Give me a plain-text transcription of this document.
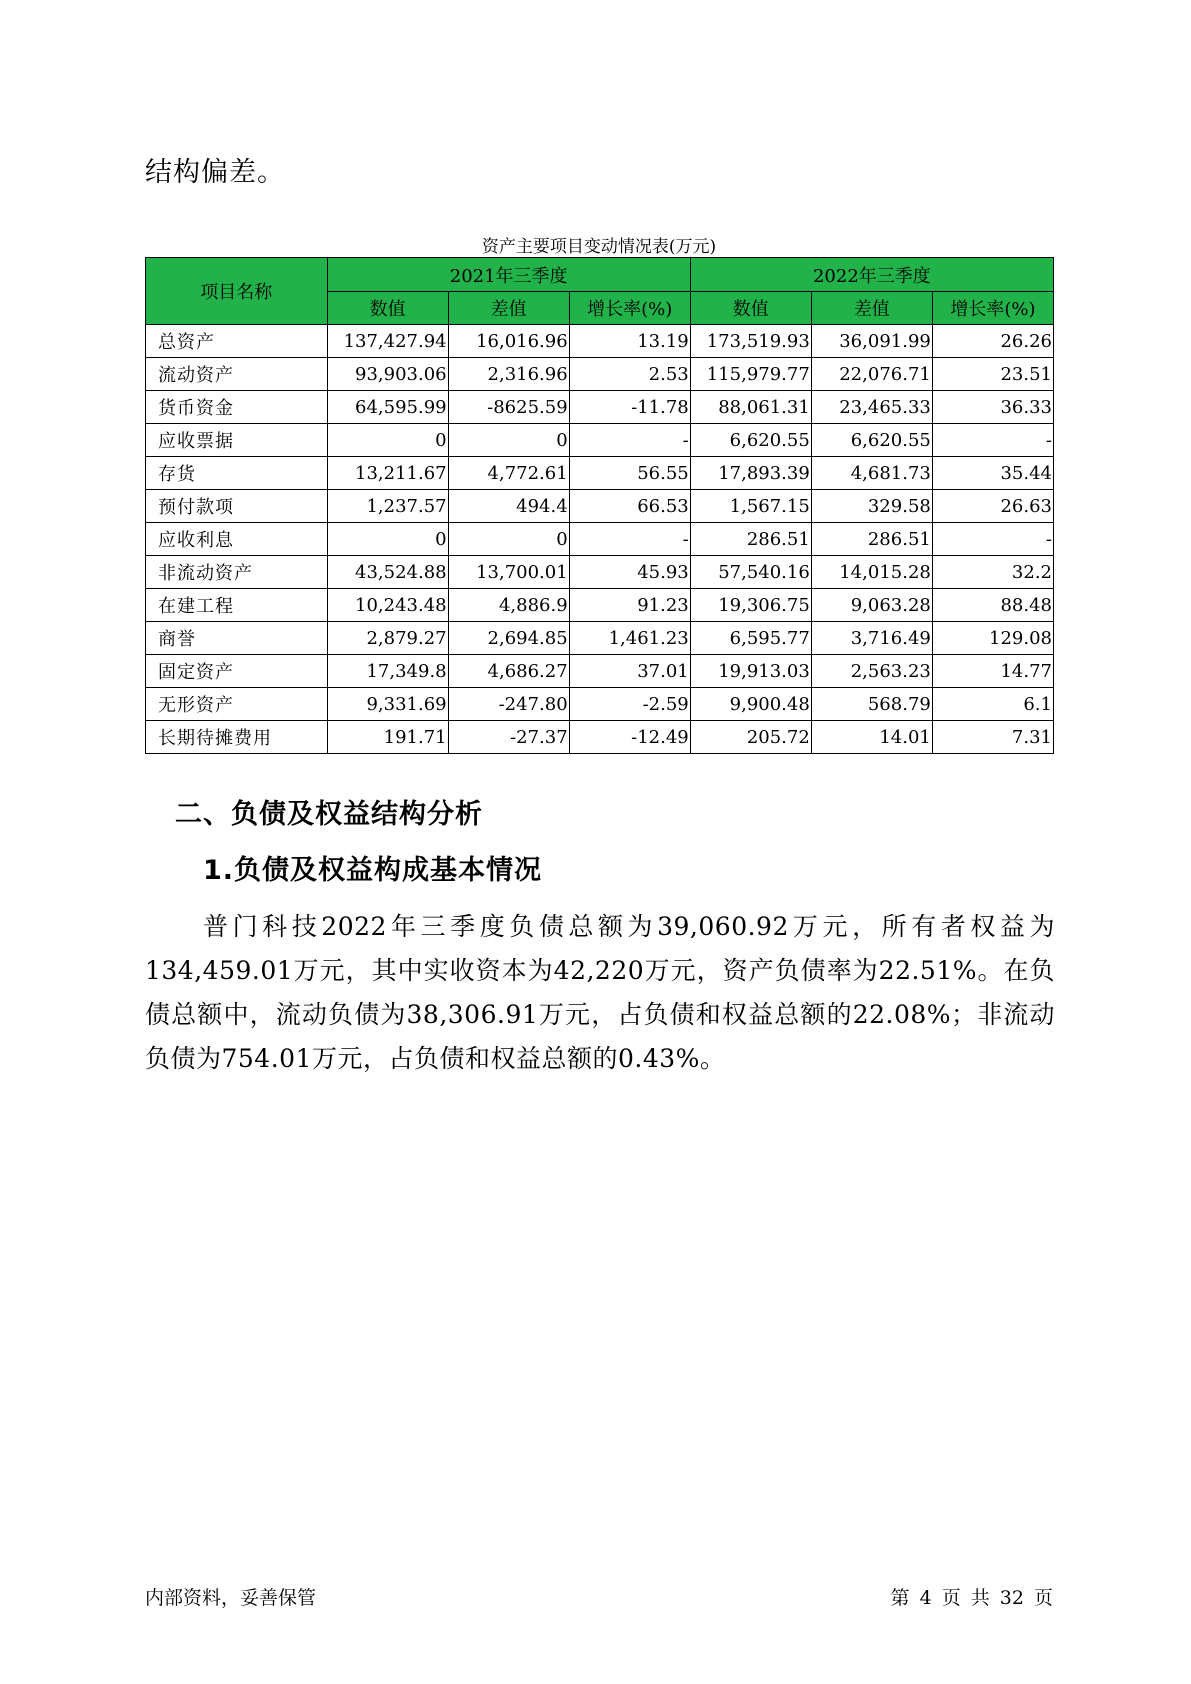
结构偏差。
资产主要项目变动情况表(万元)
项目名称	2021年三季度			2022年三季度		
	数值	差值	增长率(%)	数值	差值	增长率(%)
总资产	137,427.94	16,016.96	13.19	173,519.93	36,091.99	26.26
流动资产	93,903.06	2,316.96	2.53	115,979.77	22,076.71	23.51
货币资金	64,595.99	-8625.59	-11.78	88,061.31	23,465.33	36.33
应收票据	0	0	-	6,620.55	6,620.55	-
存货	13,211.67	4,772.61	56.55	17,893.39	4,681.73	35.44
预付款项	1,237.57	494.4	66.53	1,567.15	329.58	26.63
应收利息	0	0	-	286.51	286.51	-
非流动资产	43,524.88	13,700.01	45.93	57,540.16	14,015.28	32.2
在建工程	10,243.48	4,886.9	91.23	19,306.75	9,063.28	88.48
商誉	2,879.27	2,694.85	1,461.23	6,595.77	3,716.49	129.08
固定资产	17,349.8	4,686.27	37.01	19,913.03	2,563.23	14.77
无形资产	9,331.69	-247.80	-2.59	9,900.48	568.79	6.1
长期待摊费用	191.71	-27.37	-12.49	205.72	14.01	7.31
二、负债及权益结构分析
1.负债及权益构成基本情况
普门科技2022年三季度负债总额为39,060.92万元，所有者权益为134,459.01万元，其中实收资本为42,220万元，资产负债率为22.51%。在负债总额中，流动负债为38,306.91万元，占负债和权益总额的22.08%；非流动负债为754.01万元，占负债和权益总额的0.43%。
内部资料，妥善保管	第 4 页 共 32 页
